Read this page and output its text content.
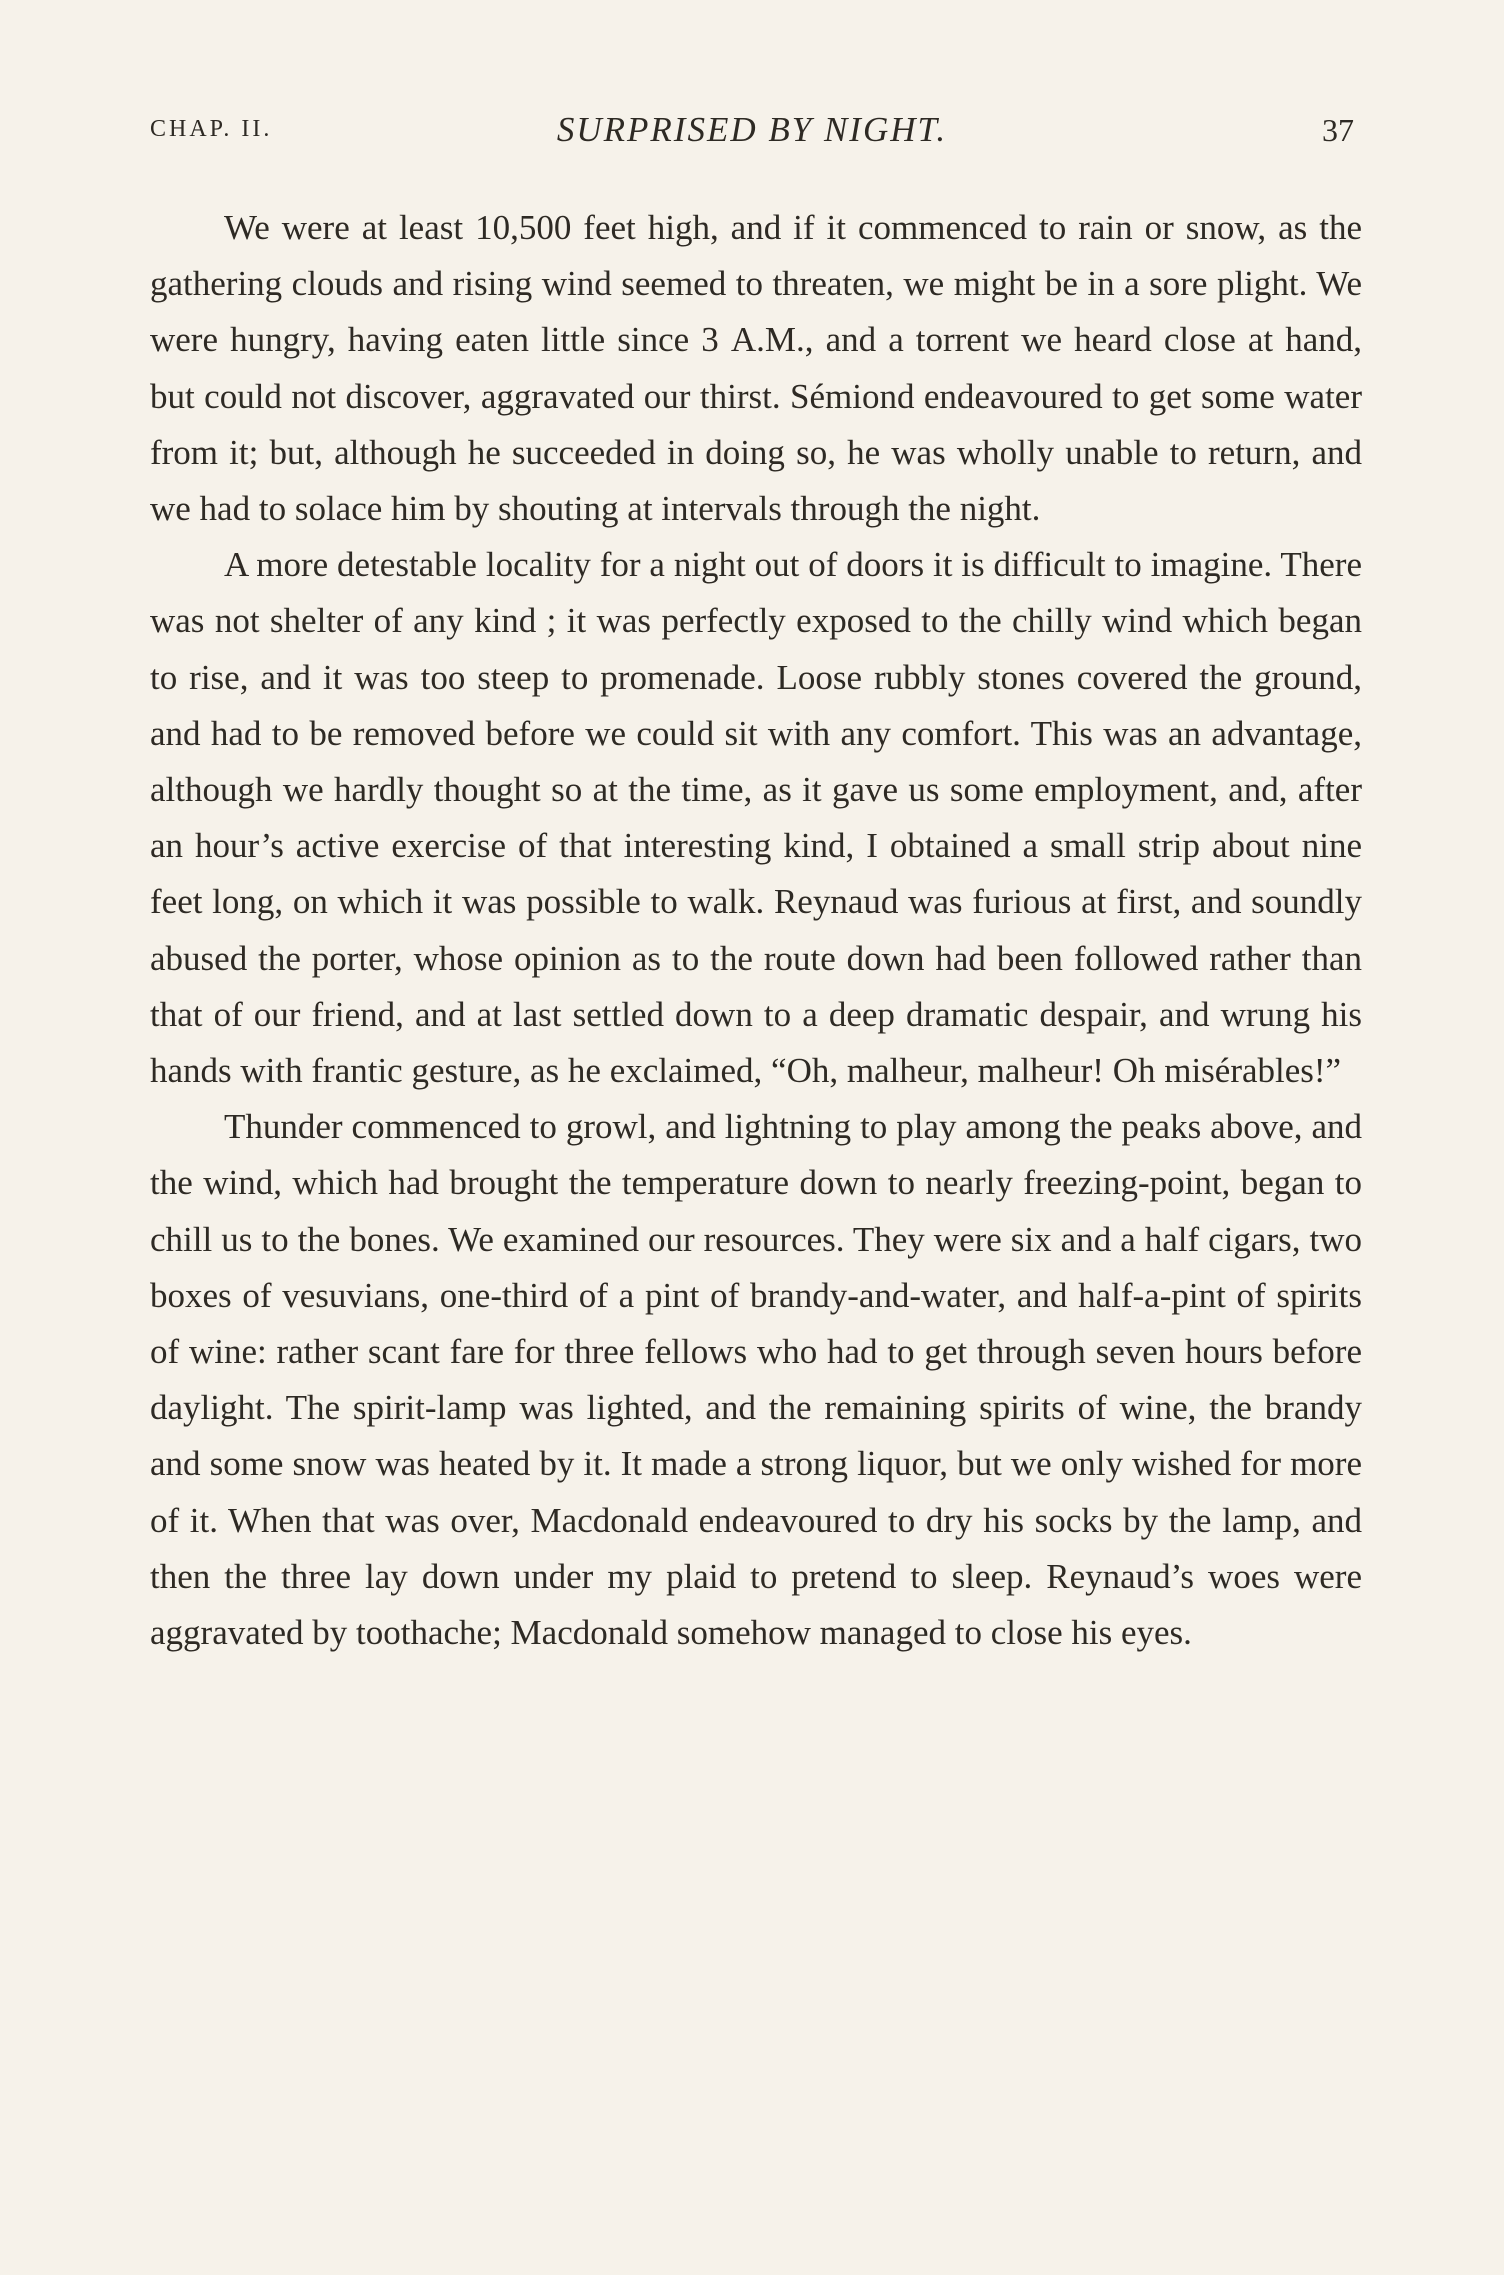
CHAP. II.	SURPRISED BY NIGHT.	37

We were at least 10,500 feet high, and if it commenced to rain or snow, as the gathering clouds and rising wind seemed to threaten, we might be in a sore plight. We were hungry, having eaten little since 3 A.M., and a torrent we heard close at hand, but could not discover, aggravated our thirst. Sémiond endeavoured to get some water from it; but, although he succeeded in doing so, he was wholly unable to return, and we had to solace him by shouting at intervals through the night.

A more detestable locality for a night out of doors it is difficult to imagine. There was not shelter of any kind ; it was perfectly exposed to the chilly wind which began to rise, and it was too steep to promenade. Loose rubbly stones covered the ground, and had to be removed before we could sit with any comfort. This was an advantage, although we hardly thought so at the time, as it gave us some employment, and, after an hour’s active exercise of that interesting kind, I obtained a small strip about nine feet long, on which it was possible to walk. Reynaud was furious at first, and soundly abused the porter, whose opinion as to the route down had been followed rather than that of our friend, and at last settled down to a deep dramatic despair, and wrung his hands with frantic gesture, as he exclaimed, “Oh, malheur, malheur! Oh misérables!”

Thunder commenced to growl, and lightning to play among the peaks above, and the wind, which had brought the temperature down to nearly freezing-point, began to chill us to the bones. We examined our resources. They were six and a half cigars, two boxes of vesuvians, one-third of a pint of brandy-and-water, and half-a-pint of spirits of wine: rather scant fare for three fellows who had to get through seven hours before daylight. The spirit-lamp was lighted, and the remaining spirits of wine, the brandy and some snow was heated by it. It made a strong liquor, but we only wished for more of it. When that was over, Macdonald endeavoured to dry his socks by the lamp, and then the three lay down under my plaid to pretend to sleep. Reynaud’s woes were aggravated by toothache; Macdonald somehow managed to close his eyes.
